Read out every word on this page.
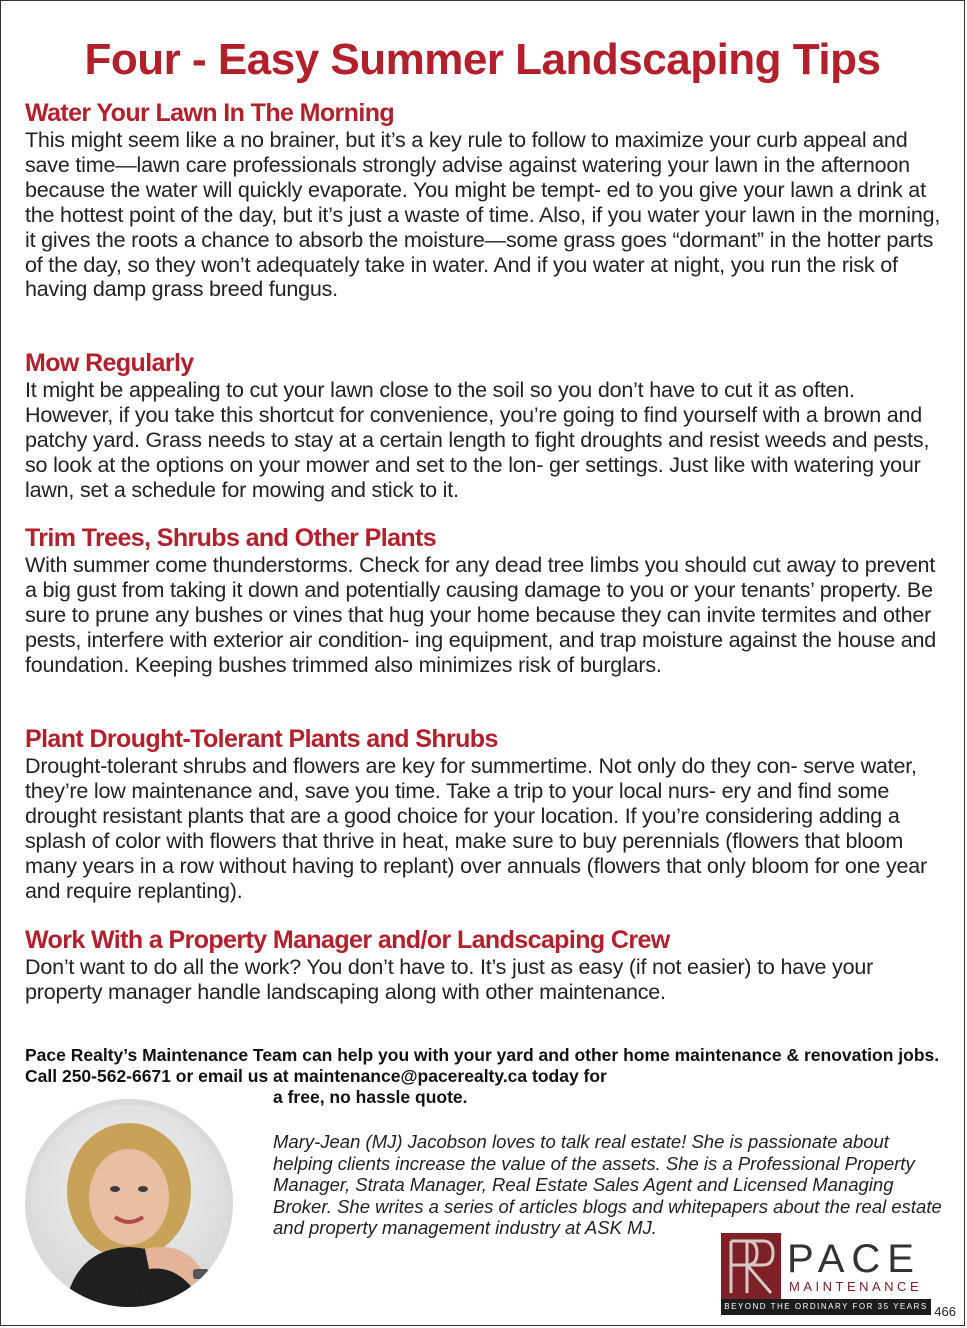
Four - Easy Summer Landscaping Tips
Water Your Lawn In The Morning

This might seem like a no brainer, but it’s a key rule to follow to maximize your curb appeal and save time—lawn care professionals strongly advise against watering your lawn in the afternoon because the water will quickly evaporate. You might be tempt- ed to you give your lawn a drink at the hottest point of the day, but it’s just a waste of time. Also, if you water your lawn in the morning, it gives the roots a chance to absorb the moisture—some grass goes “dormant” in the hotter parts of the day, so they won’t adequately take in water. And if you water at night, you run the risk of having damp grass breed fungus.

Mow Regularly

It might be appealing to cut your lawn close to the soil so you don’t have to cut it as often. However, if you take this shortcut for convenience, you’re going to find yourself with a brown and patchy yard. Grass needs to stay at a certain length to fight droughts and resist weeds and pests, so look at the options on your mower and set to the lon- ger settings. Just like with watering your lawn, set a schedule for mowing and stick to it.

Trim Trees, Shrubs and Other Plants

With summer come thunderstorms. Check for any dead tree limbs you should cut away to prevent a big gust from taking it down and potentially causing damage to you or your tenants’ property. Be sure to prune any bushes or vines that hug your home because they can invite termites and other pests, interfere with exterior air condition- ing equipment, and trap moisture against the house and foundation. Keeping bushes trimmed also minimizes risk of burglars.

Plant Drought-Tolerant Plants and Shrubs

Drought-tolerant shrubs and flowers are key for summertime. Not only do they con- serve water, they’re low maintenance and, save you time. Take a trip to your local nurs- ery and find some drought resistant plants that are a good choice for your location. If you’re considering adding a splash of color with flowers that thrive in heat, make sure to buy perennials (flowers that bloom many years in a row without having to replant) over annuals (flowers that only bloom for one year and require replanting).

Work With a Property Manager and/or Landscaping Crew

Don’t want to do all the work? You don’t have to. It’s just as easy (if not easier) to have your property manager handle landscaping along with other maintenance.

Pace Realty’s Maintenance Team can help you with your yard and other home maintenance & renovation jobs. Call 250-562-6671 or email us at maintenance@pacerealty.ca today for
a free, no hassle quote.
Ask MJ
Mary-Jean (MJ) Jacobson loves to talk real estate! She is passionate about helping clients increase the value of the assets. She is a Professional Property Manager, Strata Manager, Real Estate Sales Agent and Licensed Managing Broker. She writes a series of articles blogs and whitepapers about the real estate and property management industry at ASK MJ.
PACE
MAINTENANCE
BEYOND THE ORDINARY FOR 35 YEARS 466
